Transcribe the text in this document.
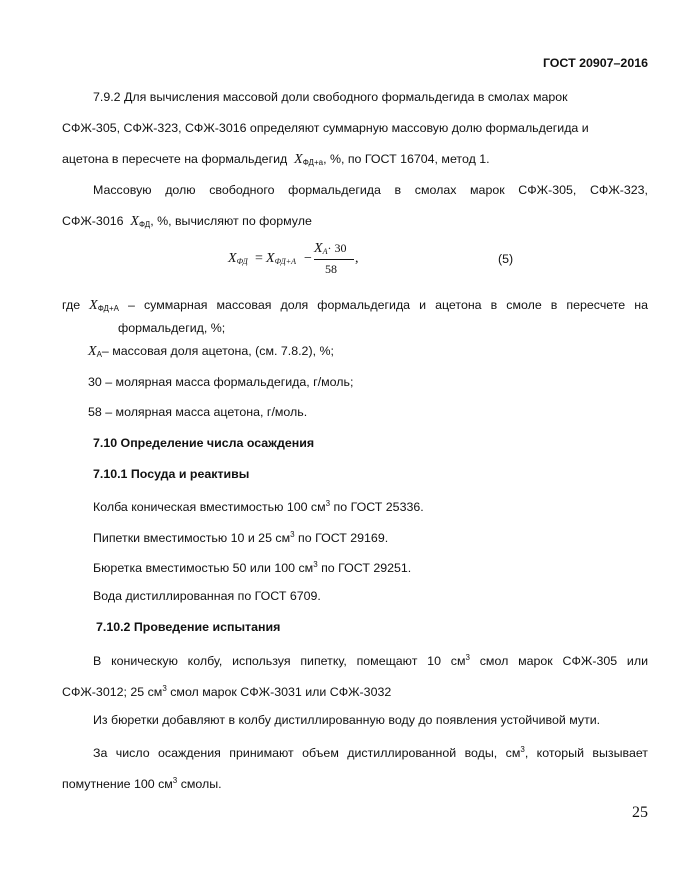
ГОСТ 20907–2016
7.9.2 Для вычисления массовой доли свободного формальдегида в смолах марок
СФЖ-305, СФЖ-323, СФЖ-3016 определяют суммарную массовую долю формальдегида и
ацетона в пересчете на формальдегид $X_{ФД+а}$, %, по ГОСТ 16704, метод 1.
Массовую долю свободного формальдегида в смолах марок СФЖ-305, СФЖ-323,
СФЖ-3016 $X_{ФД}$, %, вычисляют по формуле
XФД = XФД+А −
XA· 30
58
,	(5)
где $X_{ФД+А}$ – суммарная массовая доля формальдегида и ацетона в смоле в пересчете на
формальдегид, %;
$X_А-$ массовая доля ацетона, (см. 7.8.2), %;
30 – молярная масса формальдегида, г/моль;
58 – молярная масса ацетона, г/моль.
7.10 Определение числа осаждения
7.10.1 Посуда и реактивы
Колба коническая вместимостью 100 $см^3$ по ГОСТ 25336.
Пипетки вместимостью 10 и 25 $см^3$ по ГОСТ 29169.
Бюретка вместимостью 50 или 100 $см^3$ по ГОСТ 29251.
Вода дистиллированная по ГОСТ 6709.
7.10.2 Проведение испытания
В коническую колбу, используя пипетку, помещают 10 $см^3$ смол марок СФЖ-305 или
СФЖ-3012; 25 $см^3$ смол марок СФЖ-3031 или СФЖ-3032
Из бюретки добавляют в колбу дистиллированную воду до появления устойчивой мути.
За число осаждения принимают объем дистиллированной воды, $см^3$, который вызывает
помутнение 100 $см^3$ смолы.
25
